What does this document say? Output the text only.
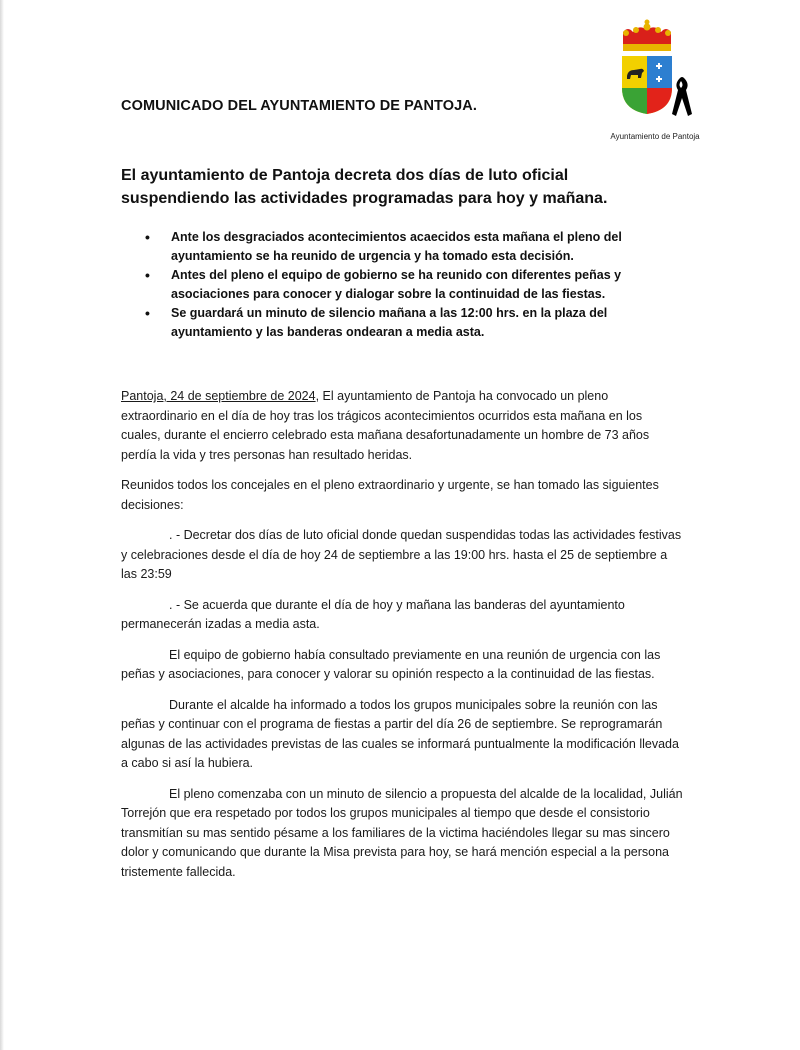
COMUNICADO DEL AYUNTAMIENTO DE PANTOJA.
Ayuntamiento de Pantoja
El ayuntamiento de Pantoja decreta dos días de luto oficial suspendiendo las actividades programadas para hoy y mañana.
• Ante los desgraciados acontecimientos acaecidos esta mañana el pleno del ayuntamiento se ha reunido de urgencia y ha tomado esta decisión.
• Antes del pleno el equipo de gobierno se ha reunido con diferentes peñas y asociaciones para conocer y dialogar sobre la continuidad de las fiestas.
• Se guardará un minuto de silencio mañana a las 12:00 hrs. en la plaza del ayuntamiento y las banderas ondearan a media asta.

Pantoja, 24 de septiembre de 2024, El ayuntamiento de Pantoja ha convocado un pleno extraordinario en el día de hoy tras los trágicos acontecimientos ocurridos esta mañana en los cuales, durante el encierro celebrado esta mañana desafortunadamente un hombre de 73 años perdía la vida y tres personas han resultado heridas.

Reunidos todos los concejales en el pleno extraordinario y urgente, se han tomado las siguientes decisiones:

. - Decretar dos días de luto oficial donde quedan suspendidas todas las actividades festivas y celebraciones desde el día de hoy 24 de septiembre a las 19:00 hrs. hasta el 25 de septiembre a las 23:59

. - Se acuerda que durante el día de hoy y mañana las banderas del ayuntamiento permanecerán izadas a media asta.

El equipo de gobierno había consultado previamente en una reunión de urgencia con las peñas y asociaciones, para conocer y valorar su opinión respecto a la continuidad de las fiestas.

Durante el alcalde ha informado a todos los grupos municipales sobre la reunión con las peñas y continuar con el programa de fiestas a partir del día 26 de septiembre. Se reprogramarán algunas de las actividades previstas de las cuales se informará puntualmente la modificación llevada a cabo si así la hubiera.

El pleno comenzaba con un minuto de silencio a propuesta del alcalde de la localidad, Julián Torrejón que era respetado por todos los grupos municipales al tiempo que desde el consistorio transmitían su mas sentido pésame a los familiares de la victima haciéndoles llegar su mas sincero dolor y comunicando que durante la Misa prevista para hoy, se hará mención especial a la persona tristemente fallecida.
